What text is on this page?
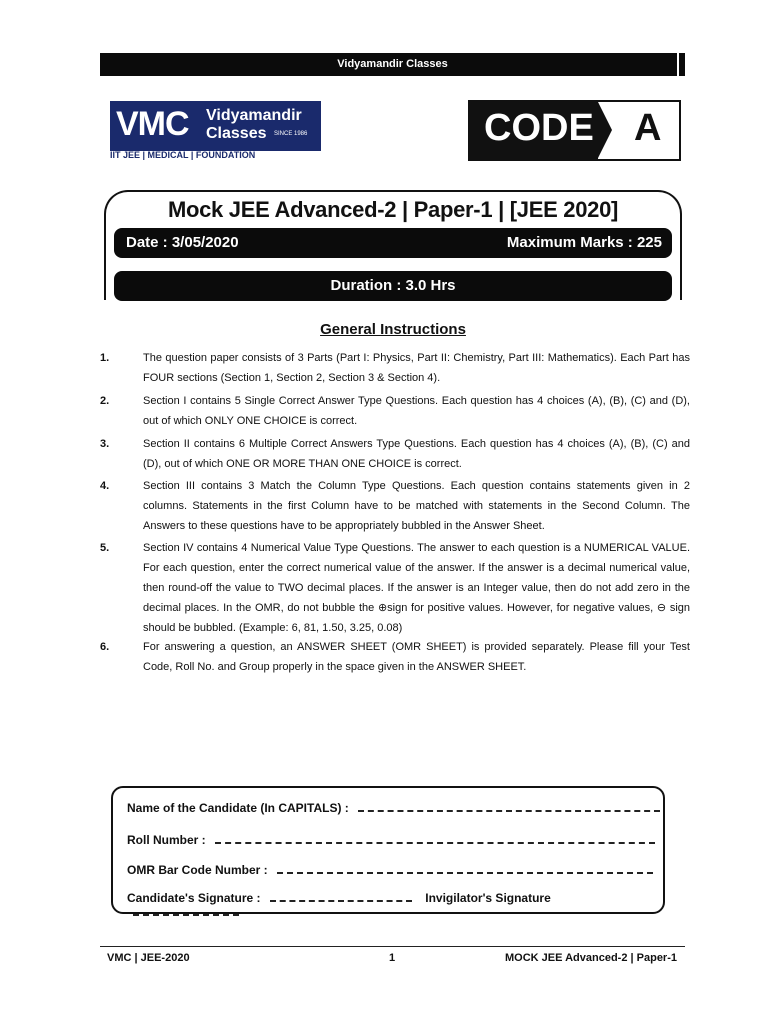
Vidyamandir Classes
VMC Vidyamandir
Classes SINCE 1986
IIT JEE | MEDICAL | FOUNDATION
CODE A
Mock JEE Advanced-2 | Paper-1 | [JEE 2020]
Date : 3/05/2020	Maximum Marks : 225
Duration : 3.0 Hrs
General Instructions
1.	The question paper consists of 3 Parts (Part I: Physics, Part II: Chemistry, Part III: Mathematics). Each Part has FOUR sections (Section 1, Section 2, Section 3 & Section 4).
2.	Section I contains 5 Single Correct Answer Type Questions. Each question has 4 choices (A), (B), (C) and (D), out of which ONLY ONE CHOICE is correct.
3.	Section II contains 6 Multiple Correct Answers Type Questions. Each question has 4 choices (A), (B), (C) and (D), out of which ONE OR MORE THAN ONE CHOICE is correct.
4.	Section III contains 3 Match the Column Type Questions. Each question contains statements given in 2 columns. Statements in the first Column have to be matched with statements in the Second Column. The Answers to these questions have to be appropriately bubbled in the Answer Sheet.
5.	Section IV contains 4 Numerical Value Type Questions. The answer to each question is a NUMERICAL VALUE. For each question, enter the correct numerical value of the answer. If the answer is a decimal numerical value, then round-off the value to TWO decimal places. If the answer is an Integer value, then do not add zero in the decimal places. In the OMR, do not bubble the ⊕sign for positive values. However, for negative values, ⊖ sign should be bubbled. (Example: 6, 81, 1.50, 3.25, 0.08)
6.	For answering a question, an ANSWER SHEET (OMR SHEET) is provided separately. Please fill your Test Code, Roll No. and Group properly in the space given in the ANSWER SHEET.
Name of the Candidate (In CAPITALS) :
Roll Number :
OMR Bar Code Number :
Candidate's Signature :	Invigilator's Signature
VMC | JEE-2020	1	MOCK JEE Advanced-2 | Paper-1
